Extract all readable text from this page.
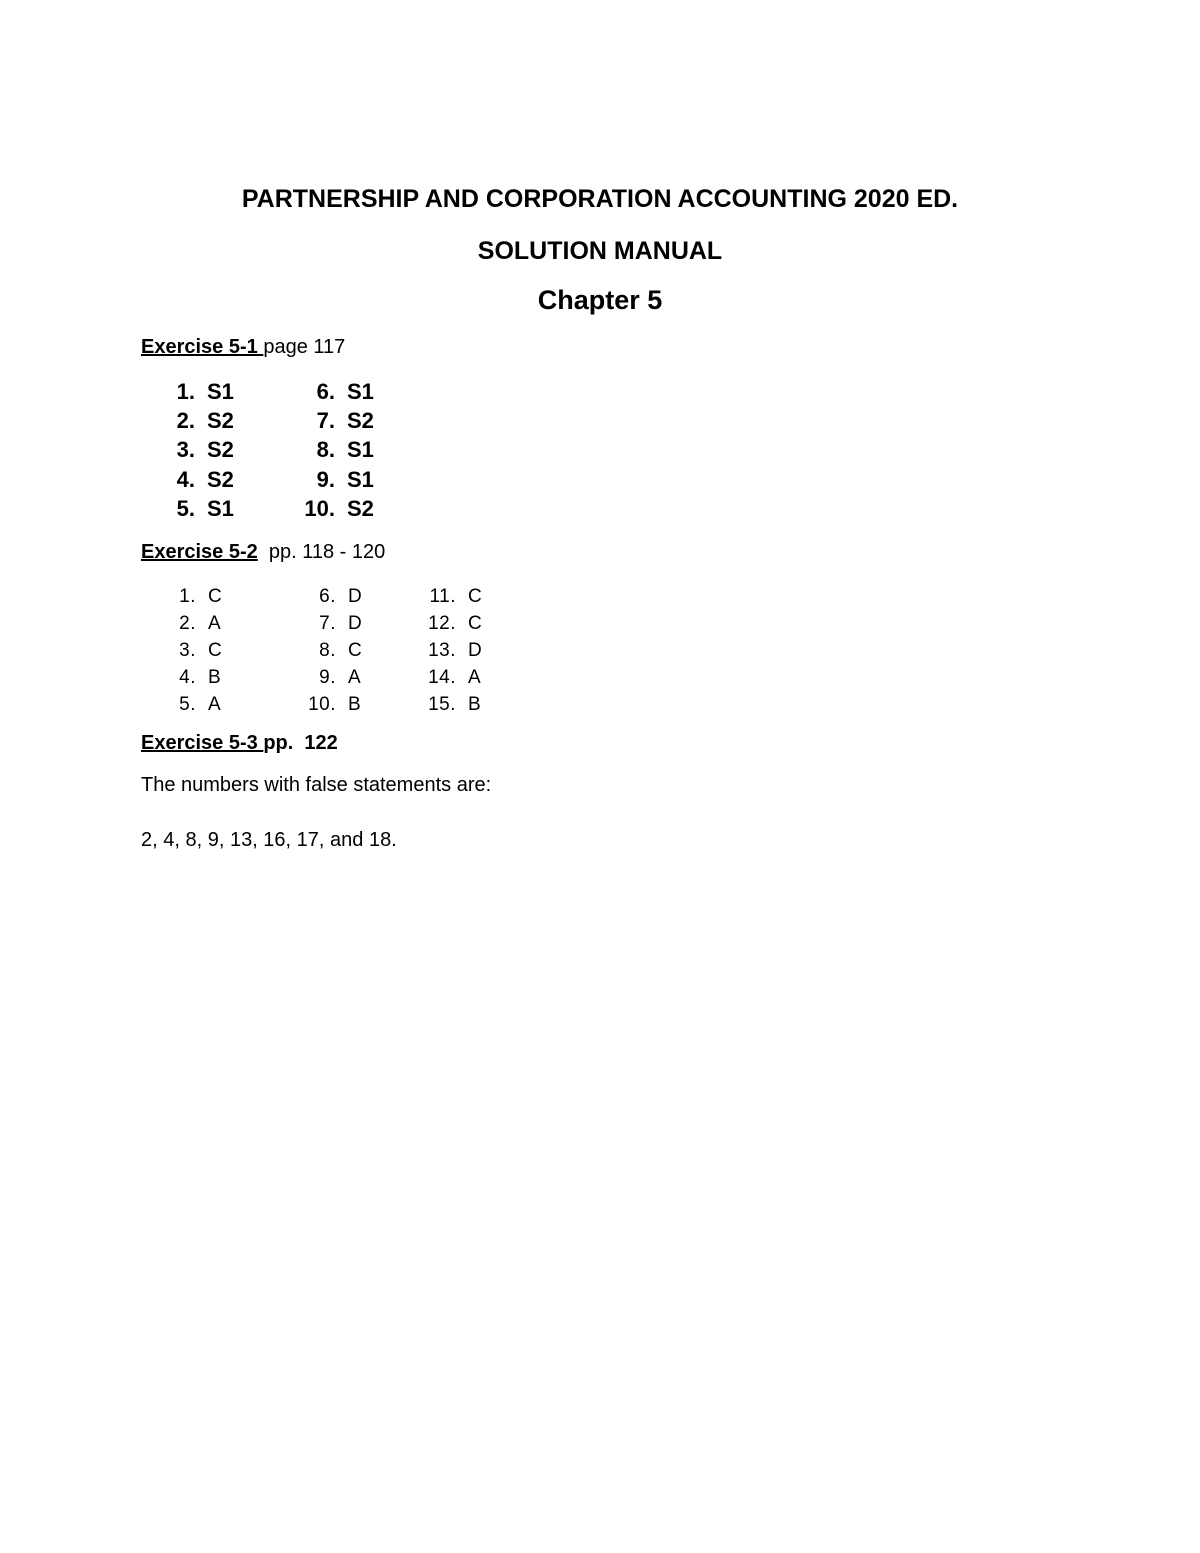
PARTNERSHIP AND CORPORATION ACCOUNTING 2020 ED.
SOLUTION MANUAL
Chapter 5
Exercise 5-1 page 117
1. S1
2. S2
3. S2
4. S2
5. S1
6. S1
7. S2
8. S1
9. S1
10. S2
Exercise 5-2  pp. 118 - 120
1. C
2. A
3. C
4. B
5. A
6. D
7. D
8. C
9. A
10. B
11. C
12. C
13. D
14. A
15. B
Exercise 5-3 pp.  122
The numbers with false statements are:
2, 4, 8, 9, 13, 16, 17, and 18.
